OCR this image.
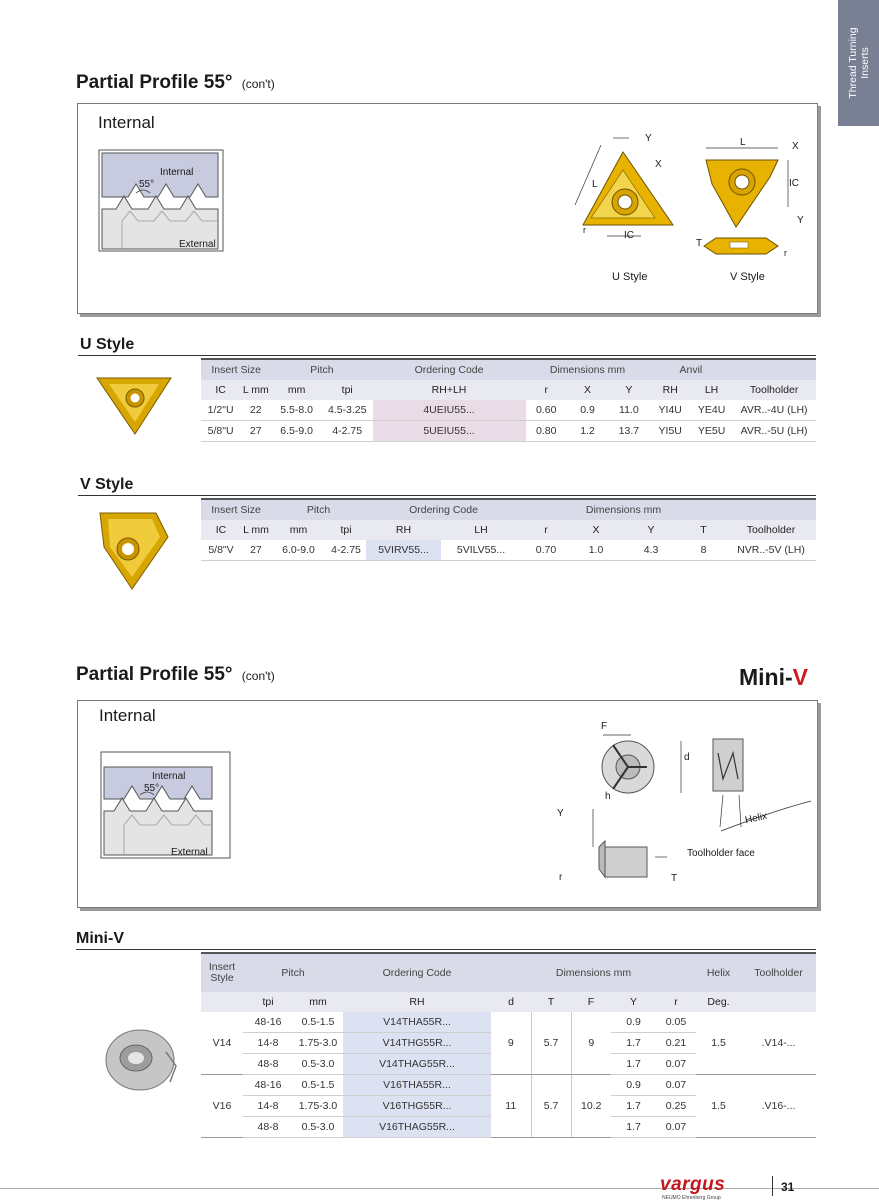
Thread Turning Inserts
Partial Profile 55° (con't)
Internal
Internal
55°
External
Y
X
L
IC
r
L	X
IC
Y
T
r
U Style	V Style
U Style
Insert Size		Pitch		Ordering Code	Dimensions mm			Anvil		
IC	L mm	mm	tpi	RH+LH	r	X	Y	RH	LH	Toolholder
1/2"U	22	5.5-8.0	4.5-3.25	4UEIU55...	0.60	0.9	11.0	YI4U	YE4U	AVR..-4U (LH)
5/8"U	27	6.5-9.0	4-2.75	5UEIU55...	0.80	1.2	13.7	YI5U	YE5U	AVR..-5U (LH)
V Style
Insert Size		Pitch		Ordering Code		Dimensions mm				
IC	L mm	mm	tpi	RH	LH	r	X	Y	T	Toolholder
5/8"V	27	6.0-9.0	4-2.75	5VIRV55...	5VILV55...	0.70	1.0	4.3	8	NVR..-5V (LH)
Partial Profile 55° (con't)	Mini-V
Internal
Internal
55°
External
F
d
h
Y
r	T
Helix
Toolholder face
Mini-V
Insert Style	Pitch		Ordering Code	Dimensions mm					Helix	Toolholder
	tpi	mm	RH	d	T	F	Y	r	Deg.	
V14	48-16	0.5-1.5	V14THA55R...	9	5.7	9	0.9	0.05	1.5	.V14-...
	14-8	1.75-3.0	V14THG55R...				1.7	0.21		
	48-8	0.5-3.0	V14THAG55R...				1.7	0.07		
V16	48-16	0.5-1.5	V16THA55R...	11	5.7	10.2	0.9	0.07	1.5	.V16-...
	14-8	1.75-3.0	V16THG55R...				1.7	0.25		
	48-8	0.5-3.0	V16THAG55R...				1.7	0.07		
vargus
NEUMO Ehrenberg Group
31
